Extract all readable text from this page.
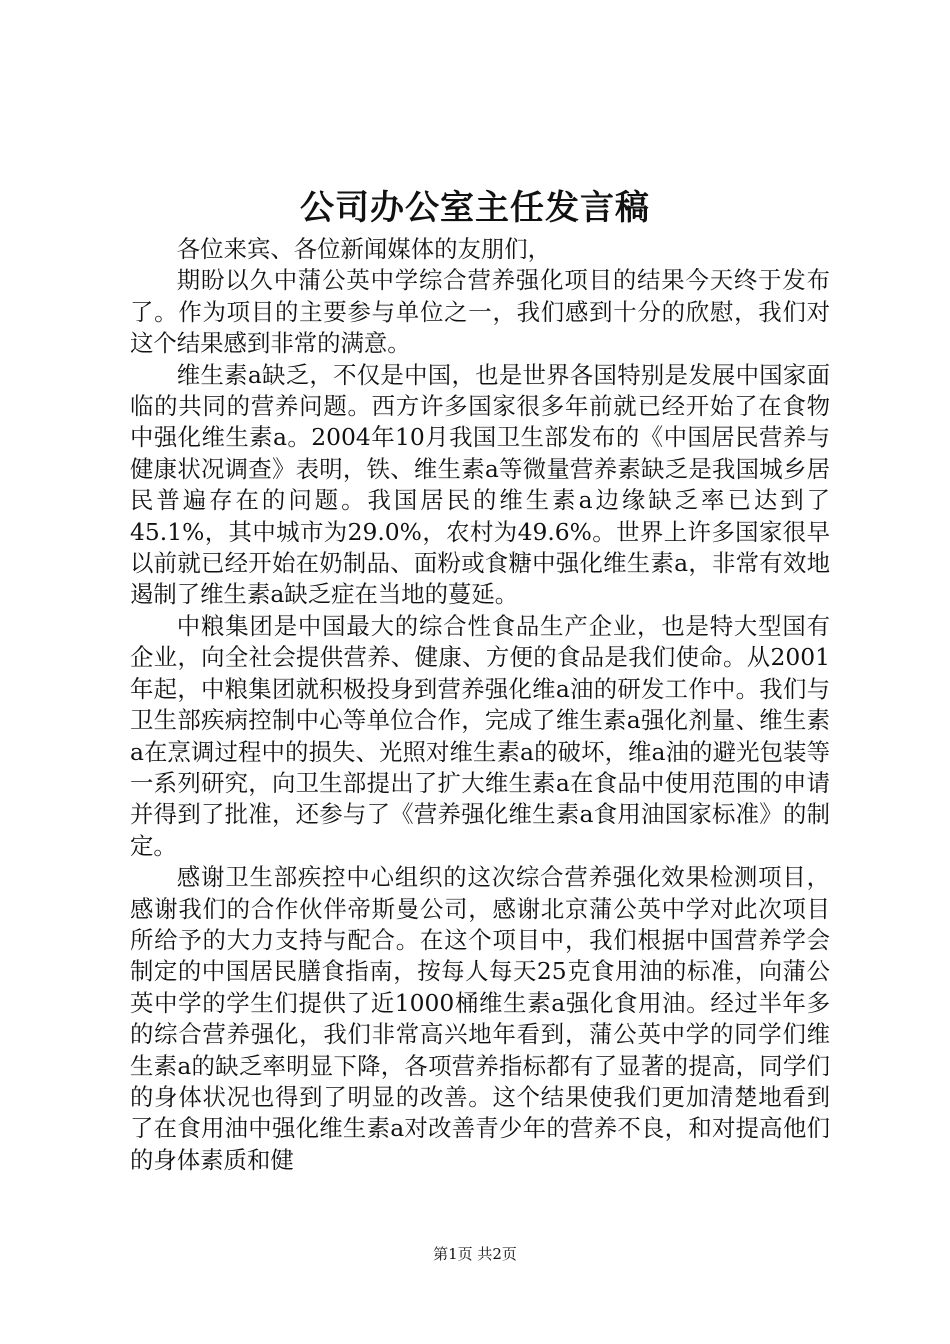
公司办公室主任发言稿

各位来宾、各位新闻媒体的友朋们，

期盼以久中蒲公英中学综合营养强化项目的结果今天终于发布了。作为项目的主要参与单位之一，我们感到十分的欣慰，我们对这个结果感到非常的满意。

维生素a缺乏，不仅是中国，也是世界各国特别是发展中国家面临的共同的营养问题。西方许多国家很多年前就已经开始了在食物中强化维生素a。2004年10月我国卫生部发布的《中国居民营养与健康状况调查》表明，铁、维生素a等微量营养素缺乏是我国城乡居民普遍存在的问题。我国居民的维生素a边缘缺乏率已达到了45.1%，其中城市为29.0%，农村为49.6%。世界上许多国家很早以前就已经开始在奶制品、面粉或食糖中强化维生素a，非常有效地遏制了维生素a缺乏症在当地的蔓延。

中粮集团是中国最大的综合性食品生产企业，也是特大型国有企业，向全社会提供营养、健康、方便的食品是我们使命。从2001年起，中粮集团就积极投身到营养强化维a油的研发工作中。我们与卫生部疾病控制中心等单位合作，完成了维生素a强化剂量、维生素a在烹调过程中的损失、光照对维生素a的破坏，维a油的避光包装等一系列研究，向卫生部提出了扩大维生素a在食品中使用范围的申请并得到了批准，还参与了《营养强化维生素a食用油国家标准》的制定。

感谢卫生部疾控中心组织的这次综合营养强化效果检测项目，感谢我们的合作伙伴帝斯曼公司，感谢北京蒲公英中学对此次项目所给予的大力支持与配合。在这个项目中，我们根据中国营养学会制定的中国居民膳食指南，按每人每天25克食用油的标准，向蒲公英中学的学生们提供了近1000桶维生素a强化食用油。经过半年多的综合营养强化，我们非常高兴地年看到，蒲公英中学的同学们维生素a的缺乏率明显下降，各项营养指标都有了显著的提高，同学们的身体状况也得到了明显的改善。这个结果使我们更加清楚地看到了在食用油中强化维生素a对改善青少年的营养不良，和对提高他们的身体素质和健

第1页 共2页
